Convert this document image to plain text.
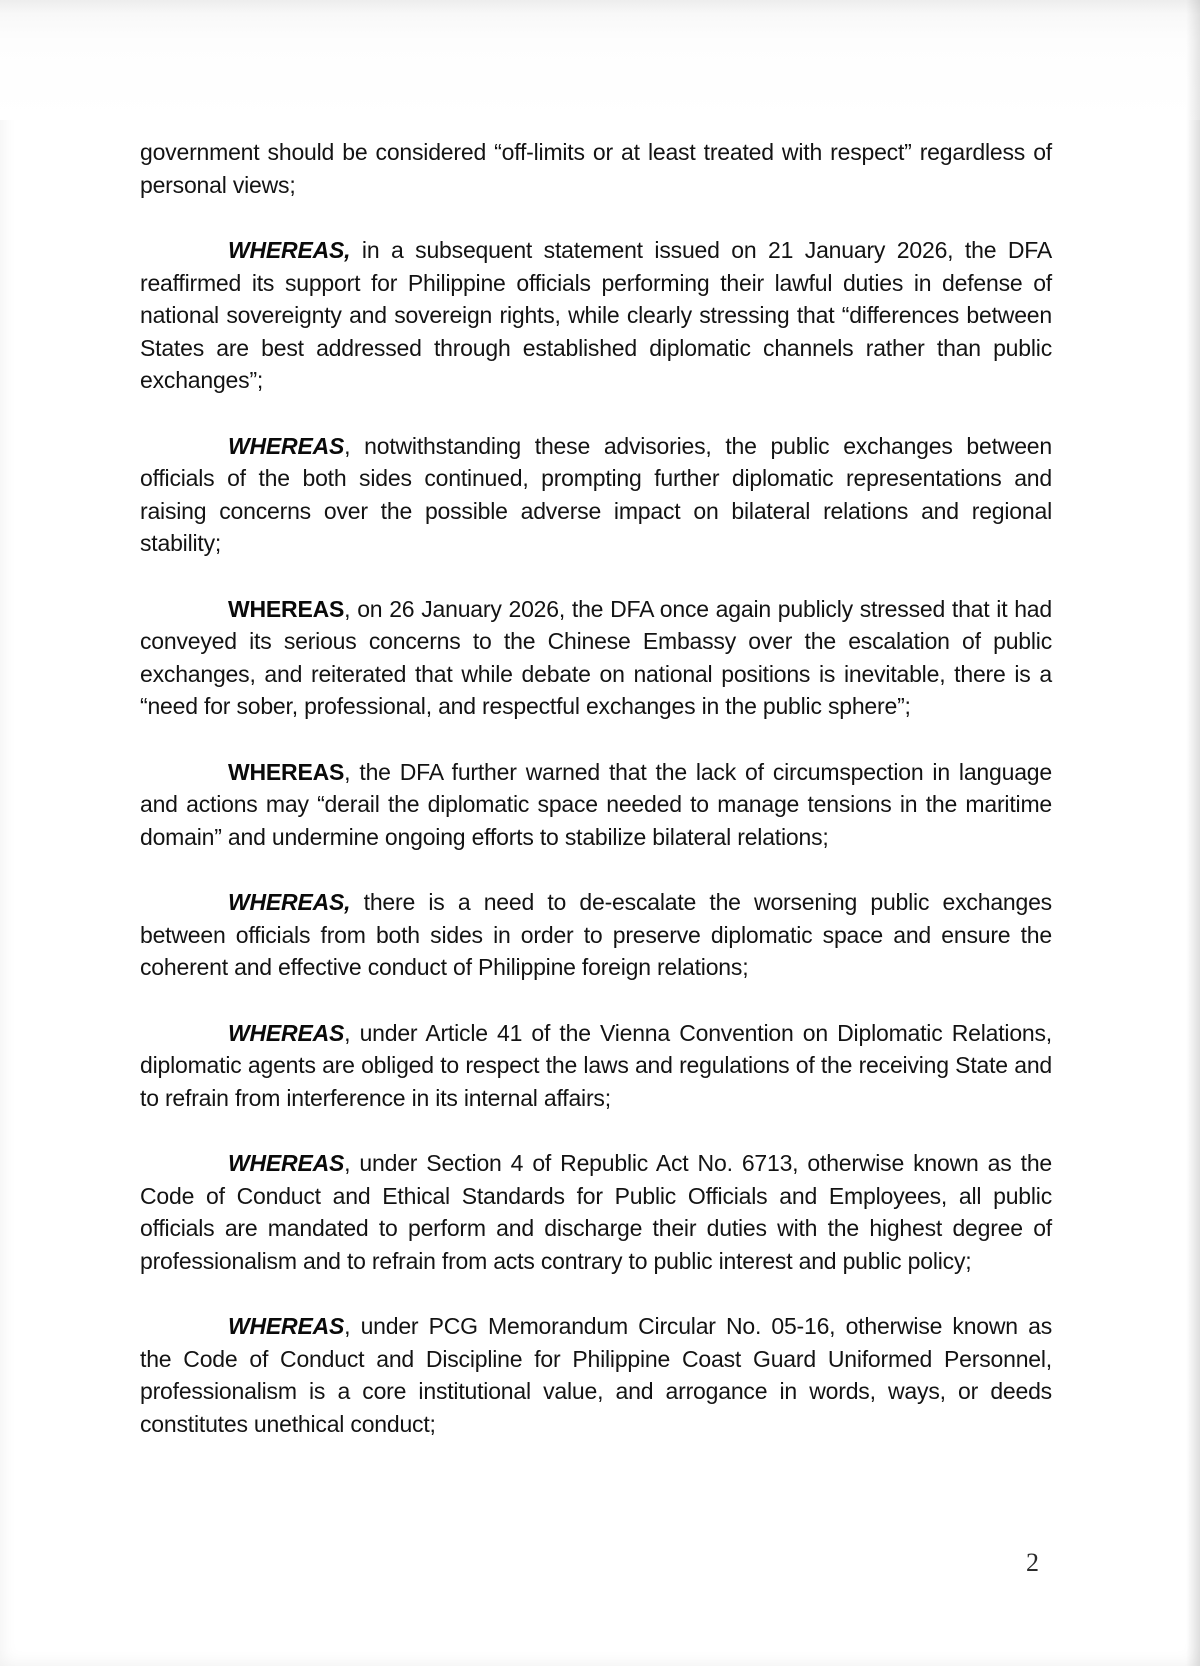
government should be considered “off-limits or at least treated with respect” regardless of personal views;

WHEREAS, in a subsequent statement issued on 21 January 2026, the DFA reaffirmed its support for Philippine officials performing their lawful duties in defense of national sovereignty and sovereign rights, while clearly stressing that “differences between States are best addressed through established diplomatic channels rather than public exchanges”;

WHEREAS, notwithstanding these advisories, the public exchanges between officials of the both sides continued, prompting further diplomatic representations and raising concerns over the possible adverse impact on bilateral relations and regional stability;

WHEREAS, on 26 January 2026, the DFA once again publicly stressed that it had conveyed its serious concerns to the Chinese Embassy over the escalation of public exchanges, and reiterated that while debate on national positions is inevitable, there is a “need for sober, professional, and respectful exchanges in the public sphere”;

WHEREAS, the DFA further warned that the lack of circumspection in language and actions may “derail the diplomatic space needed to manage tensions in the maritime domain” and undermine ongoing efforts to stabilize bilateral relations;

WHEREAS, there is a need to de-escalate the worsening public exchanges between officials from both sides in order to preserve diplomatic space and ensure the coherent and effective conduct of Philippine foreign relations;

WHEREAS, under Article 41 of the Vienna Convention on Diplomatic Relations, diplomatic agents are obliged to respect the laws and regulations of the receiving State and to refrain from interference in its internal affairs;

WHEREAS, under Section 4 of Republic Act No. 6713, otherwise known as the Code of Conduct and Ethical Standards for Public Officials and Employees, all public officials are mandated to perform and discharge their duties with the highest degree of professionalism and to refrain from acts contrary to public interest and public policy;

WHEREAS, under PCG Memorandum Circular No. 05-16, otherwise known as the Code of Conduct and Discipline for Philippine Coast Guard Uniformed Personnel, professionalism is a core institutional value, and arrogance in words, ways, or deeds constitutes unethical conduct;

2
